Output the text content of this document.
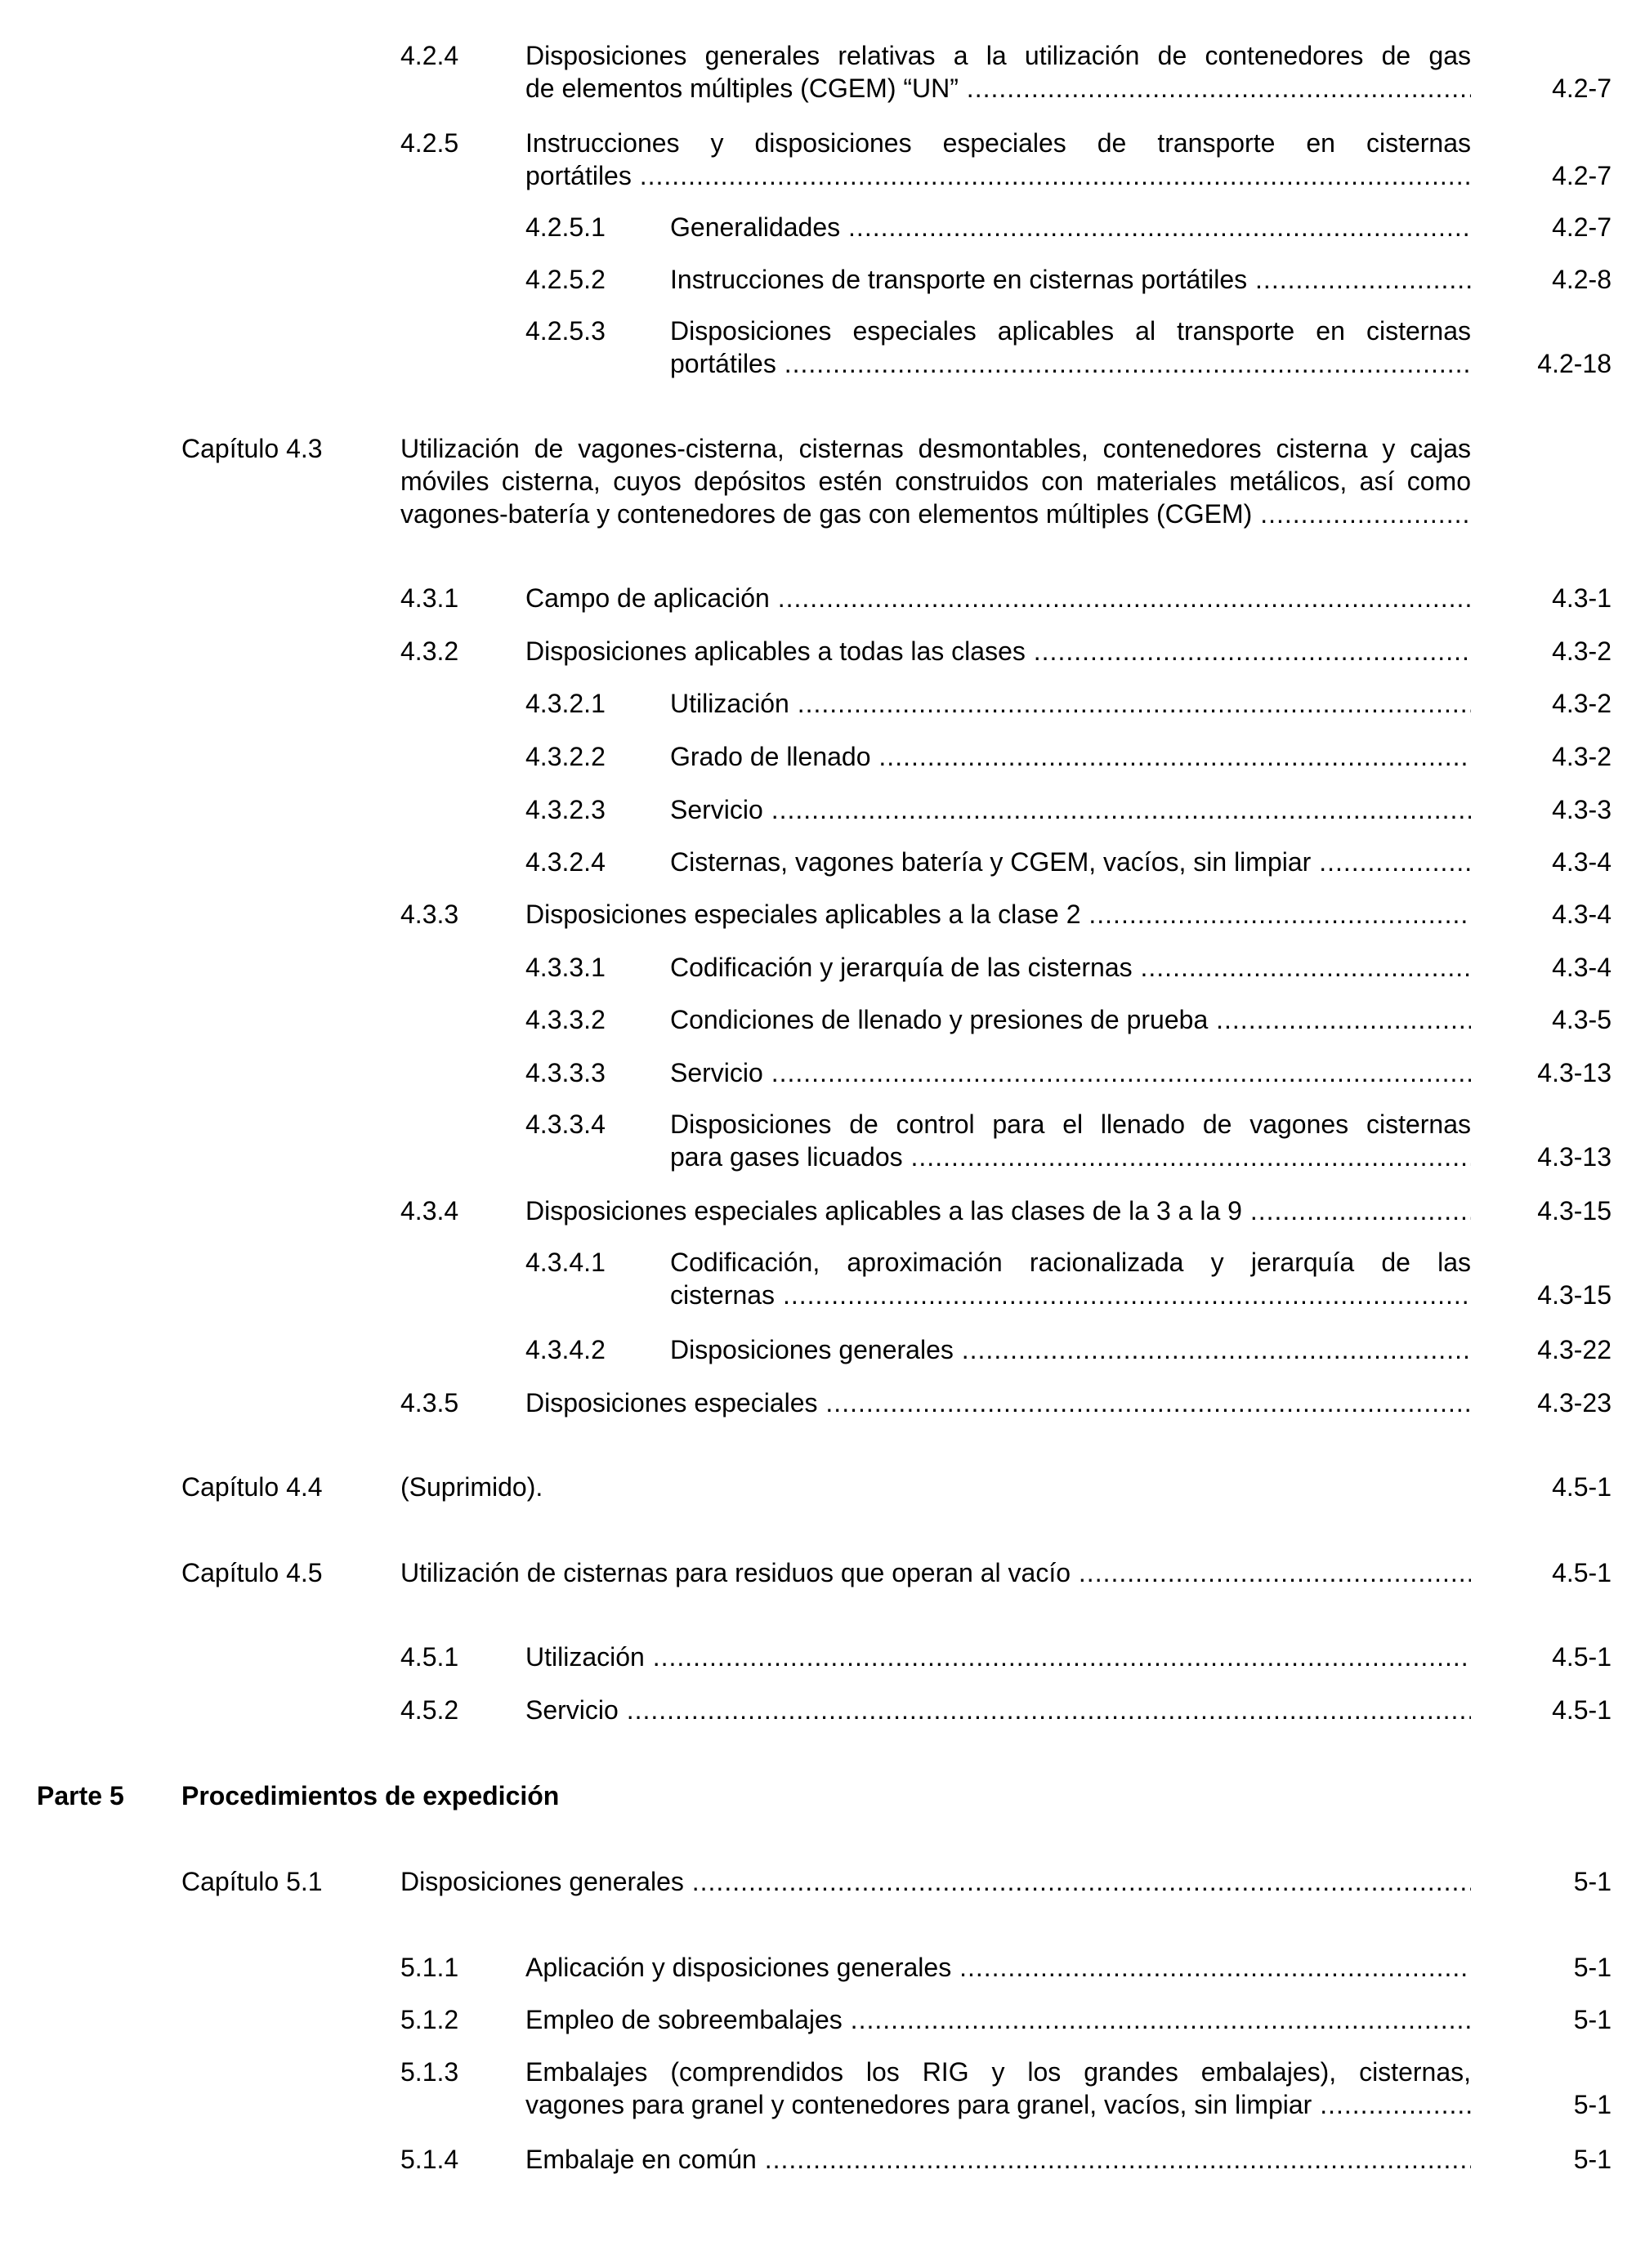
4.2.4	Disposiciones generales relativas a la utilización de contenedores de gas
de elementos múltiples (CGEM) “UN” .....	4.2-7
4.2.5	Instrucciones y disposiciones especiales de transporte en cisternas
portátiles .....	4.2-7
4.2.5.1 Generalidades .....	4.2-7
4.2.5.2 Instrucciones de transporte en cisternas portátiles .....	4.2-8
4.2.5.3 Disposiciones especiales aplicables al transporte en cisternas
portátiles .....	4.2-18
Capítulo 4.3	Utilización de vagones-cisterna, cisternas desmontables, contenedores cisterna y cajas
móviles cisterna, cuyos depósitos estén construidos con materiales metálicos, así como
vagones-batería y contenedores de gas con elementos múltiples (CGEM) .....
4.3.1	Campo de aplicación .....	4.3-1
4.3.2	Disposiciones aplicables a todas las clases .....	4.3-2
4.3.2.1 Utilización .....	4.3-2
4.3.2.2 Grado de llenado .....	4.3-2
4.3.2.3 Servicio .....	4.3-3
4.3.2.4 Cisternas, vagones batería y CGEM, vacíos, sin limpiar .....	4.3-4
4.3.3	Disposiciones especiales aplicables a la clase 2 .....	4.3-4
4.3.3.1 Codificación y jerarquía de las cisternas .....	4.3-4
4.3.3.2 Condiciones de llenado y presiones de prueba .....	4.3-5
4.3.3.3 Servicio .....	4.3-13
4.3.3.4 Disposiciones de control para el llenado de vagones cisternas
para gases licuados .....	4.3-13
4.3.4	Disposiciones especiales aplicables a las clases de la 3 a la 9 .....	4.3-15
4.3.4.1 Codificación, aproximación racionalizada y jerarquía de las
cisternas .....	4.3-15
4.3.4.2 Disposiciones generales .....	4.3-22
4.3.5	Disposiciones especiales .....	4.3-23
Capítulo 4.4	(Suprimido).	4.5-1
Capítulo 4.5	Utilización de cisternas para residuos que operan al vacío .....	4.5-1
4.5.1	Utilización .....	4.5-1
4.5.2	Servicio .....	4.5-1
Parte 5 Procedimientos de expedición
Capítulo 5.1	Disposiciones generales .....	5-1
5.1.1	Aplicación y disposiciones generales .....	5-1
5.1.2	Empleo de sobreembalajes .....	5-1
5.1.3	Embalajes (comprendidos los RIG y los grandes embalajes), cisternas,
vagones para granel y contenedores para granel, vacíos, sin limpiar .....	5-1
5.1.4	Embalaje en común .....	5-1
